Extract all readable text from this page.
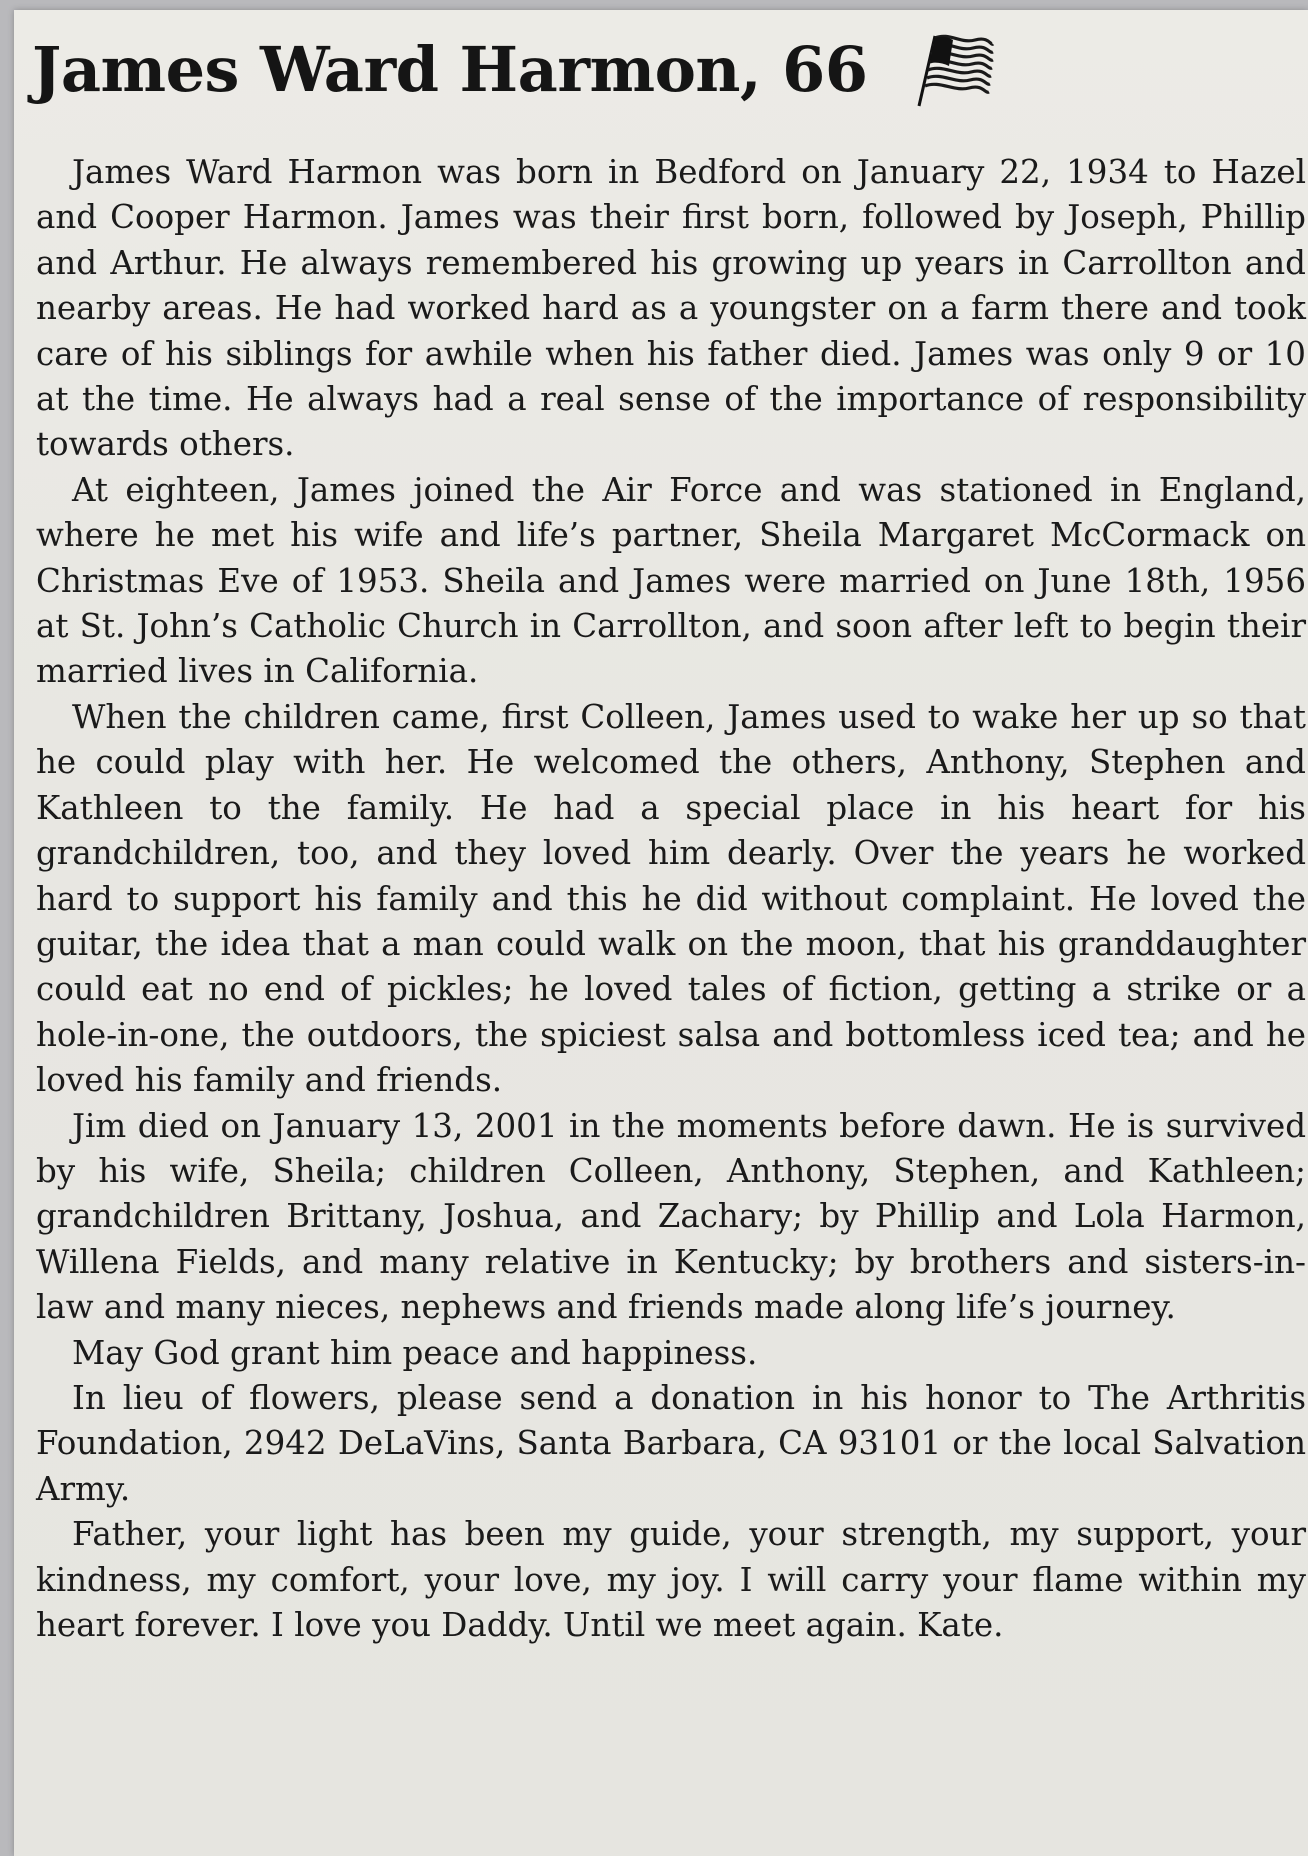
James Ward Harmon, 66

James Ward Harmon was born in Bedford on January 22, 1934 to Hazel and Cooper Harmon. James was their first born, followed by Joseph, Phillip and Arthur. He always remembered his growing up years in Carrollton and nearby areas. He had worked hard as a youngster on a farm there and took care of his siblings for awhile when his father died. James was only 9 or 10 at the time. He always had a real sense of the importance of responsibility towards others.

At eighteen, James joined the Air Force and was stationed in England, where he met his wife and life’s partner, Sheila Margaret McCormack on Christmas Eve of 1953. Sheila and James were married on June 18th, 1956 at St. John’s Catholic Church in Carrollton, and soon after left to begin their married lives in California.

When the children came, first Colleen, James used to wake her up so that he could play with her. He welcomed the others, Anthony, Stephen and Kathleen to the family. He had a special place in his heart for his grandchildren, too, and they loved him dearly. Over the years he worked hard to support his family and this he did without complaint. He loved the guitar, the idea that a man could walk on the moon, that his granddaughter could eat no end of pickles; he loved tales of fiction, getting a strike or a hole-in-one, the outdoors, the spiciest salsa and bottomless iced tea; and he loved his family and friends.

Jim died on January 13, 2001 in the moments before dawn. He is survived by his wife, Sheila; children Colleen, Anthony, Stephen, and Kathleen; grandchildren Brittany, Joshua, and Zachary; by Phillip and Lola Harmon, Willena Fields, and many relative in Kentucky; by brothers and sisters-in-law and many nieces, nephews and friends made along life’s journey.

May God grant him peace and happiness.

In lieu of flowers, please send a donation in his honor to The Arthritis Foundation, 2942 DeLaVins, Santa Barbara, CA 93101 or the local Salvation Army.

Father, your light has been my guide, your strength, my support, your kindness, my comfort, your love, my joy. I will carry your flame within my heart forever. I love you Daddy. Until we meet again. Kate.
